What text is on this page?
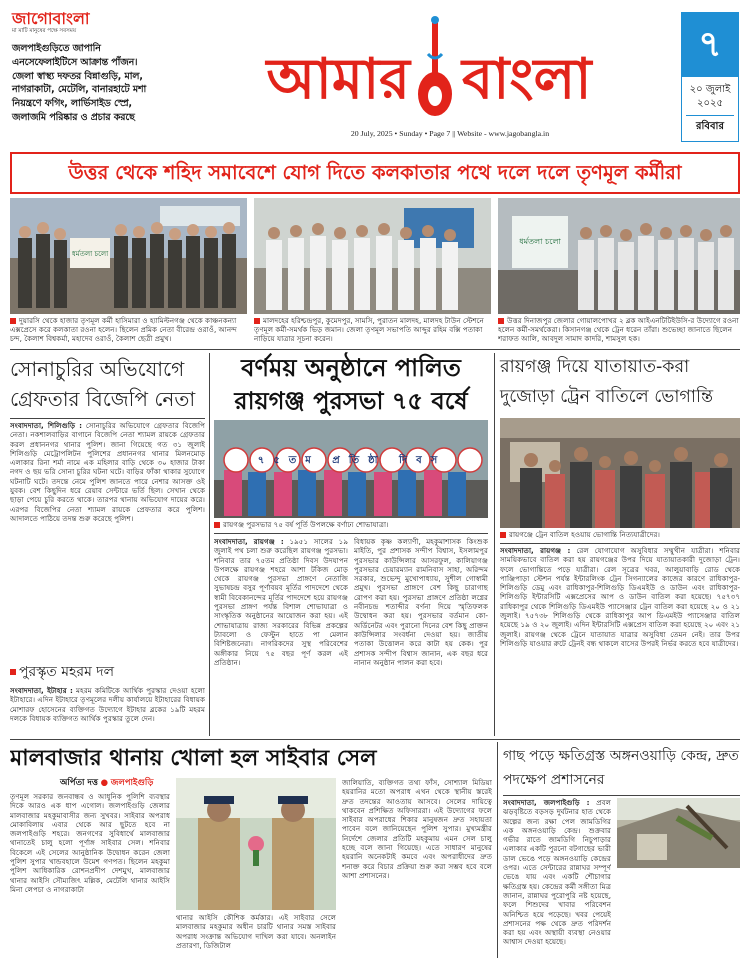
জাগোবাংলা
মা মাটি মানুষের পক্ষে সবসময়
জলপাইগুড়িতে জাপানি
এনসেফেলাইটিসে আক্রান্ত পাঁজন।
জেলা স্বাস্থ্য দফতর বিন্নাগুড়ি, মাল,
নাগরাকাটা, মেটেলি, বানারহাটে মশা
নিয়ন্ত্রণে ফগিং, লার্ভিসাইড স্প্রে,
জলাজমি পরিষ্কার ও প্রচার করছে
আমার বাংলা
20 July, 2025 • Sunday • Page 7 || Website - www.jagobangla.in
৭
২০ জুলাই ২০২৫
রবিবার
উত্তর থেকে শহিদ সমাবেশে যোগ দিতে কলকাতার পথে দলে দলে তৃণমূল কর্মীরা
ধর্মতলা চলো
ধর্মতলা চলো
দুয়ারসি থেকে হাজার তৃণমূল কর্মী হাসিমারা ও হ্যামিল্টনগঞ্জ থেকে কাঞ্চনকন্যা এক্সপ্রেসে করে কলকাতা রওনা হলেন। ছিলেন প্রমিক নেতা বীরেন্দ্র ওরাওঁ, আনন্দ চন্দ, কৈলাশ বিশ্বকর্মা, মহাদেব ওরাওঁ, কৈলাশ ছেত্রী প্রমুখ।
মালদহের হরিশ্চন্দ্রপুর, কুমেদপুর, সামসি, পুরাতন মালদহ, মালদহ টাউন স্টেশনে তৃণমূল কর্মী-সমর্থক ভিড় জমান। জেলা তৃণমূল সভাপতি আব্দুর রহিম বক্সি পতাকা নাড়িয়ে যাত্রার সূচনা করেন।
উত্তর দিনাজপুর জেলার গোয়ালপোখর ২ ব্লক আইএনটিটিইউসি-র উদ্যোগে রওনা হলেন কর্মী-সমর্থকেরা। কিসানগঞ্জ থেকে ট্রেন ধরেন তাঁরা। শুভেচ্ছা জানাতে ছিলেন শরাফত আলি, আবদুল সামাদ কাদরি, শামসুল হক।
সোনাচুরির অভিযোগে গ্রেফতার বিজেপি নেতা
সংবাদদাতা, শিলিগুড়ি : সোনাচুরির অভিযোগে গ্রেফতার বিজেপি নেতা। নকশালবাড়ির বাগানে বিজেপি নেতা শ্যামল রায়কে গ্রেফতার করল প্রধাননগর থানার পুলিশ। জানা গিয়েছে গত ৩১ জুলাই শিলিগুড়ি মেট্রোপলিটন পুলিশের প্রধাননগর থানার মিলনমোড় এলাকার রিনা শর্মা নামে এক মহিলার বাড়ি থেকে ৩০ হাজার টাকা নগদ ও ছয় ভরি সোনা চুরির ঘটনা ঘটে। বাড়ির ফাঁকা থাকার সুযোগে ঘটনাটি ঘটে। তদন্তে নেমে পুলিশ জানতে পারে নেশার আসক্ত ওই যুবক। বেশ কিছুদিন ধরে রেয়াব সেন্টারে ভর্তি ছিল। সেখান থেকে ছাড়া পেয়ে চুরি করতে থাকে। তারপর থানায় অভিযোগ দায়ের করে। এরপর বিজেপির নেতা শ্যামল রায়কে প্রেফতার করে পুলিশ। আদালতে পাঠিয়ে তদন্ত শুরু করেছে পুলিশ।
পুরস্কৃত মহরম দল
সংবাদদাতা, ইটাহার : মহরম কমিটিকে আর্থিক পুরস্কার দেওয়া হলো ইটাহারে। এদিন ইটাহারে তৃণমূলের দলীয় কার্যালয়ে ইটাহারের বিধায়ক মোশারফ হোসেনের ব্যক্তিগত উদ্যোগে ইটাহার ব্লকের ১৯টি মহরম দলকে বিধায়ক ব্যক্তিগত আর্থিক পুরস্কার তুলে দেন।
বর্ণময় অনুষ্ঠানে পালিত রায়গঞ্জ পুরসভা ৭৫ বর্ষে
৭৫তম প্রতিষ্ঠা দিবস
রায়গঞ্জ পুরসভার ৭৫ বর্ষ পূর্তি উপলক্ষে বর্ণাঢ্য শোভাযাত্রা।
সংবাদদাতা, রায়গঞ্জ : ১৯৫১ সালের ১৯ জুলাই পথ চলা শুরু করেছিল রায়গঞ্জ পুরসভা। শনিবার তার ৭৫তম প্রতিষ্ঠা দিবস উদযাপন উপলক্ষে রায়গঞ্জ শহরে আশা টকিজ মোড় থেকে রায়গঞ্জ পুরসভা প্রাঙ্গণে নেতাজি সুভাষচন্দ্র বসুর পূর্ণাবয়ব মূর্তির পাদদেশে থেকে স্বামী বিবেকানন্দের মূর্তির পাদদেশে হয়ে রায়গঞ্জ পুরসভা প্রাঙ্গণ পর্যন্ত বিশাল শোভাযাত্রা ও সাংস্কৃতিক অনুষ্ঠানের আয়োজন করা হয়। এই শোভাযাত্রায় রাজ্য সরকারের বিভিন্ন প্রকল্পের ট্যাবলো ও ফেস্টুন হাতে পা মেলান বিশিষ্টজনেরা। নাগরিকদের সুস্থ পরিবেশের অঙ্গীকার নিয়ে ৭৫ বছর পূর্ণ করল এই প্রতিষ্ঠান।
বিধায়ক কৃষ্ণ কল্যাণী, মহকুমাশাসক কিংশুক মাইতি, পুর প্রশাসক সন্দীপ বিশ্বাস, ইসলামপুর পুরসভার কাউন্সিলার আসরফুল, কালিয়াগঞ্জ পুরসভার চেয়ারম্যান রামনিবাস সাহা, অরিন্দম সরকার, শুভেন্দু মুখোপাধ্যায়, সুশীল গোস্বামী প্রমুখ। পুরসভা প্রাঙ্গণে বেশ কিছু চারাগাছ রোপণ করা হয়। পুরসভা প্রাঙ্গণে প্রতিষ্ঠা লগ্নের নবীনচন্দ্র শতাব্দীর বর্ণনা দিয়ে স্মৃতিফলক উদ্বোধন করা হয়। পুরসভার বর্তমান কো-অর্ডিনেটর এবং পুরানো দিনের বেশ কিছু প্রাক্তন কাউন্সিলার সংবর্ধনা দেওয়া হয়। জাতীয় পতাকা উত্তোলন করে কাটা হয় কেক। পুর প্রশাসক সন্দীপ বিশ্বাস জানান, এক বছর ধরে নানান অনুষ্ঠান পালন করা হবে।
রায়গঞ্জ দিয়ে যাতায়াত-করা দুজোড়া ট্রেন বাতিলে ভোগান্তি
রায়গঞ্জে ট্রেন বাতিল হওয়ায় ভোগান্তি নিত্যযাত্রীদের।
সংবাদদাতা, রায়গঞ্জ : রেল যোগাযোগ অসুবিধার সম্মুখীন যাত্রীরা। শনিবার সাময়িকভাবে বাতিল করা হয় রায়গঞ্জের উপর দিয়ে যাতায়াতকারী দুজোড়া ট্রেন। ফলে ভোগান্তিতে পড়ে যাত্রীরা। রেল সূত্রের খবর, আলুয়াবাড়ি রোড থেকে পাঞ্জিপাড়া স্টেশন পর্যন্ত ইন্টারলিংক ট্রেন সিগন্যালের কাজের কারণে রাধিকাপুর-শিলিগুড়ি ডেমু এবং রাধিকাপুর-শিলিগুড়ি ডিএমইউ ও ডাউন এবং রাধিকাপুর-শিলিগুড়ি ইন্টারসিটি এক্সপ্রেসের আপ ও ডাউন বাতিল করা হয়েছে। ৭৫৭৩৭ রাধিকাপুর থেকে শিলিগুড়ি ডিএমইউ প্যাসেঞ্জার ট্রেন বাতিল করা হয়েছে ২০ ও ২১ জুলাই। ৭৫৭৩৮ শিলিগুড়ি থেকে রাধিকাপুর আপ ডিএমইউ প্যাসেঞ্জার বাতিল হয়েছে ১৯ ও ২০ জুলাই। এদিন ইন্টারসিটি এক্সপ্রেস বাতিল করা হয়েছে ২০ এবং ২১ জুলাই। রায়গঞ্জ থেকে ট্রেনে যাতায়াত যাত্রার অসুবিধা তেমন নেই। তার উপর শিলিগুড়ি যাওয়ার রুটে ট্রেনই বন্ধ থাকলে বাসের উপরই নির্ভর করতে হবে যাত্রীদের।
মালবাজার থানায় খোলা হল সাইবার সেল
অর্পিতা দত্ত ● জলপাইগুড়ি
তৃণমূল সরকার জনবান্ধব ও আধুনিক পুলিশি ব্যবস্থার দিকে আরও এক ধাপ এগোল। জলপাইগুড়ি জেলার মালবাজার মহকুমাবাসীর জন্য সুখবর। সাইবার অপরাধ মোকাবিলায় এবার থেকে আর ছুটতে হবে না জলপাইগুড়ি শহরে। জনগণের সুবিধার্থে মালবাজার থানাতেই চালু হলো পূর্ণাঙ্গ সাইবার সেল। শনিবার বিকেলে এই সেলের আনুষ্ঠানিক উদ্বোধন করেন জেলা পুলিশ সুপার খান্ডবহালে উমেশ গণপত। ছিলেন মহকুমা পুলিশ আধিকারিক রোশনপ্রদীপ দেশমুখ, মালবাজার থানার আইসি সৌম্যজিৎ মল্লিক, মেটেলি থানার আইসি মিনা লেপচা ও নাগরাকাটা
থানার আইসি কৌশিক কর্মকার। এই সাইবার সেলে মালবাজার মহকুমার অধীন চারটি থানার সমস্ত সাইবার অপরাধ সংক্রান্ত অভিযোগ দাখিল করা যাবে। অনলাইন প্রতারণা, ডিজিটাল
জালিয়াতি, ব্যক্তিগত তথ্য ফাঁস, সোশ্যাল মিডিয়া হয়রানির মতো অপরাধ এখন থেকে স্থানীয় স্তরেই দ্রুত তদন্তের আওতায় আসবে। সেলের দায়িত্বে থাকবেন প্রশিক্ষিত অফিসাররা। এই উদ্যোগের ফলে সাইবার অপরাধের শিকার মানুষজন দ্রুত সহায়তা পাবেন বলে জানিয়েছেন পুলিশ সুপার। মুখ্যমন্ত্রীর নির্দেশে জেলার প্রতিটি মহকুমায় এমন সেল চালু হচ্ছে বলে জানা গিয়েছে। এতে সাধারণ মানুষের হয়রানি অনেকটাই কমবে এবং অপরাধীদের দ্রুত শনাক্ত করে বিচার প্রক্রিয়া শুরু করা সম্ভব হবে বলে আশা প্রশাসনের।
গাছ পড়ে ক্ষতিগ্রস্ত অঙ্গনওয়াড়ি কেন্দ্র, দ্রুত পদক্ষেপ প্রশাসনের
সংবাদদাতা, জলপাইগুড়ি : প্রবল ঝড়বৃষ্টিতে বড়সড় দুর্ঘটনার হাত থেকে অল্পের জন্য রক্ষা পেল জামডিগির এক অঙ্গনওয়াড়ি কেন্দ্র। শুক্রবার গভীর রাতে জামডিগি নিচুপাড়ার এলাকার একটি পুরনো বটগাছের ভারী ডাল ভেঙে পড়ে অঙ্গনওয়াড়ি কেন্দ্রের ওপর। এতে সেন্টারের রান্নাঘর সম্পূর্ণ ভেঙে যায় এবং একটি শৌচাগার ক্ষতিগ্রস্ত হয়। কেন্দ্রের কর্মী সঙ্গীতা মিত্র জানান, রান্নাঘর পুরোপুরি নষ্ট হয়েছে, ফলে শিশুদের খাবার পরিবেশন অনিশ্চিত হয়ে পড়েছে। খবর পেয়েই প্রশাসনের পক্ষ থেকে দ্রুত পরিদর্শন করা হয় এবং অস্থায়ী ব্যবস্থা নেওয়ার আশ্বাস দেওয়া হয়েছে।
